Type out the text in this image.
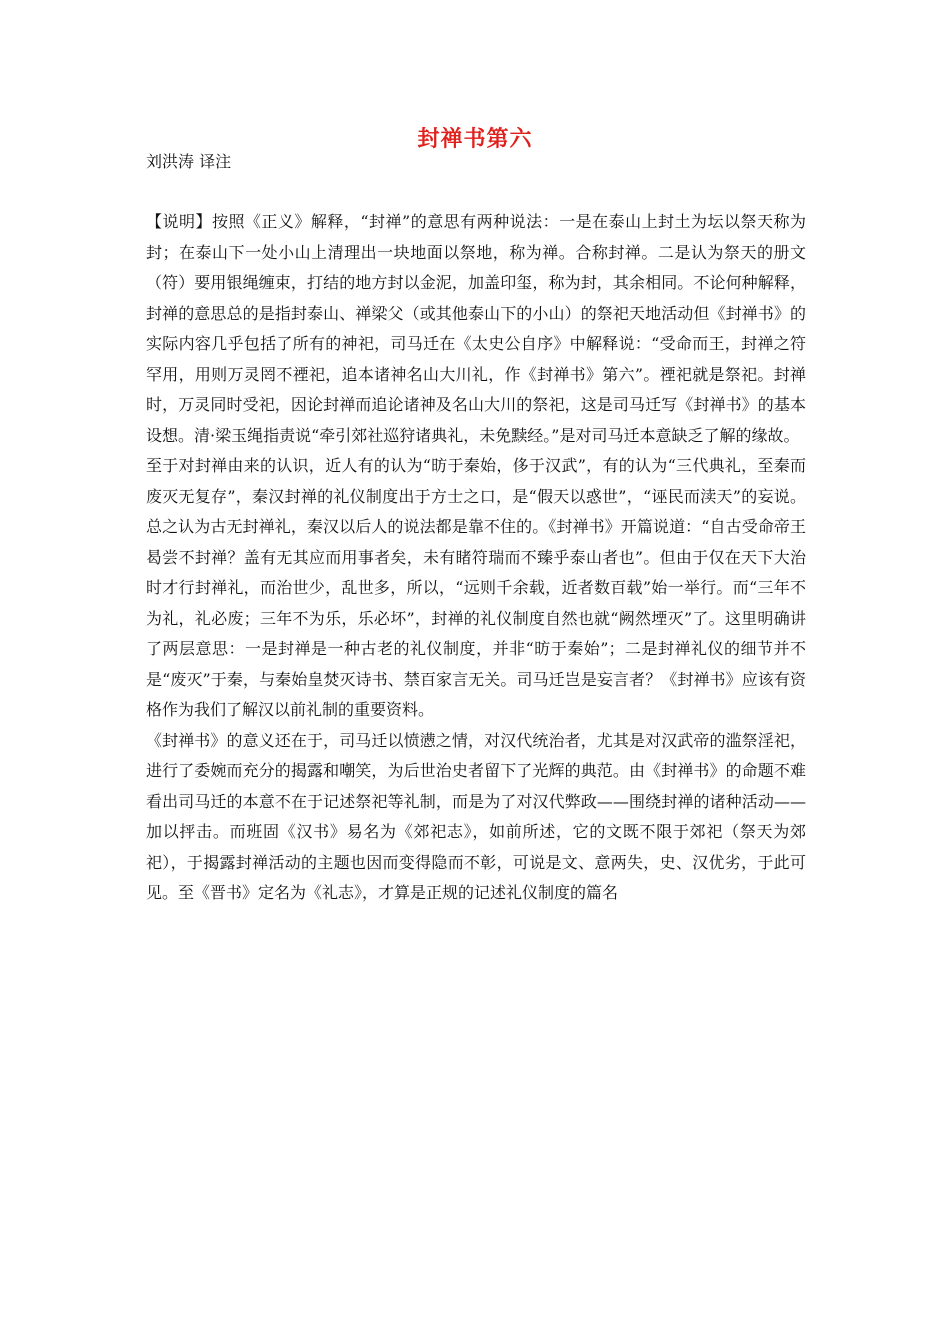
封禅书第六
刘洪涛 译注

【说明】按照《正义》解释，“封禅”的意思有两种说法：一是在泰山上封土为坛以祭天称为封；在泰山下一处小山上清理出一块地面以祭地，称为禅。合称封禅。二是认为祭天的册文（符）要用银绳缠束，打结的地方封以金泥，加盖印玺，称为封，其余相同。不论何种解释，封禅的意思总的是指封泰山、禅梁父（或其他泰山下的小山）的祭祀天地活动但《封禅书》的实际内容几乎包括了所有的神祀，司马迁在《太史公自序》中解释说：“受命而王，封禅之符罕用，用则万灵罔不禋祀，追本诸神名山大川礼，作《封禅书》第六”。禋祀就是祭祀。封禅时，万灵同时受祀，因论封禅而追论诸神及名山大川的祭祀，这是司马迁写《封禅书》的基本设想。清·梁玉绳指责说“牵引郊社巡狩诸典礼，未免黩经。”是对司马迁本意缺乏了解的缘故。

至于对封禅由来的认识，近人有的认为“昉于秦始，侈于汉武”，有的认为“三代典礼，至秦而废灭无复存”，秦汉封禅的礼仪制度出于方士之口，是“假天以惑世”，“诬民而渎天”的妄说。总之认为古无封禅礼，秦汉以后人的说法都是靠不住的。《封禅书》开篇说道：“自古受命帝王曷尝不封禅？盖有无其应而用事者矣，未有睹符瑞而不臻乎泰山者也”。但由于仅在天下大治时才行封禅礼，而治世少，乱世多，所以，“远则千余载，近者数百载”始一举行。而“三年不为礼，礼必废；三年不为乐，乐必坏”，封禅的礼仪制度自然也就“阙然堙灭”了。这里明确讲了两层意思：一是封禅是一种古老的礼仪制度，并非“昉于秦始”；二是封禅礼仪的细节并不是“废灭”于秦，与秦始皇焚灭诗书、禁百家言无关。司马迁岂是妄言者？《封禅书》应该有资格作为我们了解汉以前礼制的重要资料。

《封禅书》的意义还在于，司马迁以愤懑之情，对汉代统治者，尤其是对汉武帝的滥祭淫祀，进行了委婉而充分的揭露和嘲笑，为后世治史者留下了光辉的典范。由《封禅书》的命题不难看出司马迁的本意不在于记述祭祀等礼制，而是为了对汉代弊政——围绕封禅的诸种活动——加以抨击。而班固《汉书》易名为《郊祀志》，如前所述，它的文既不限于郊祀（祭天为郊祀），于揭露封禅活动的主题也因而变得隐而不彰，可说是文、意两失，史、汉优劣，于此可见。至《晋书》定名为《礼志》，才算是正规的记述礼仪制度的篇名
